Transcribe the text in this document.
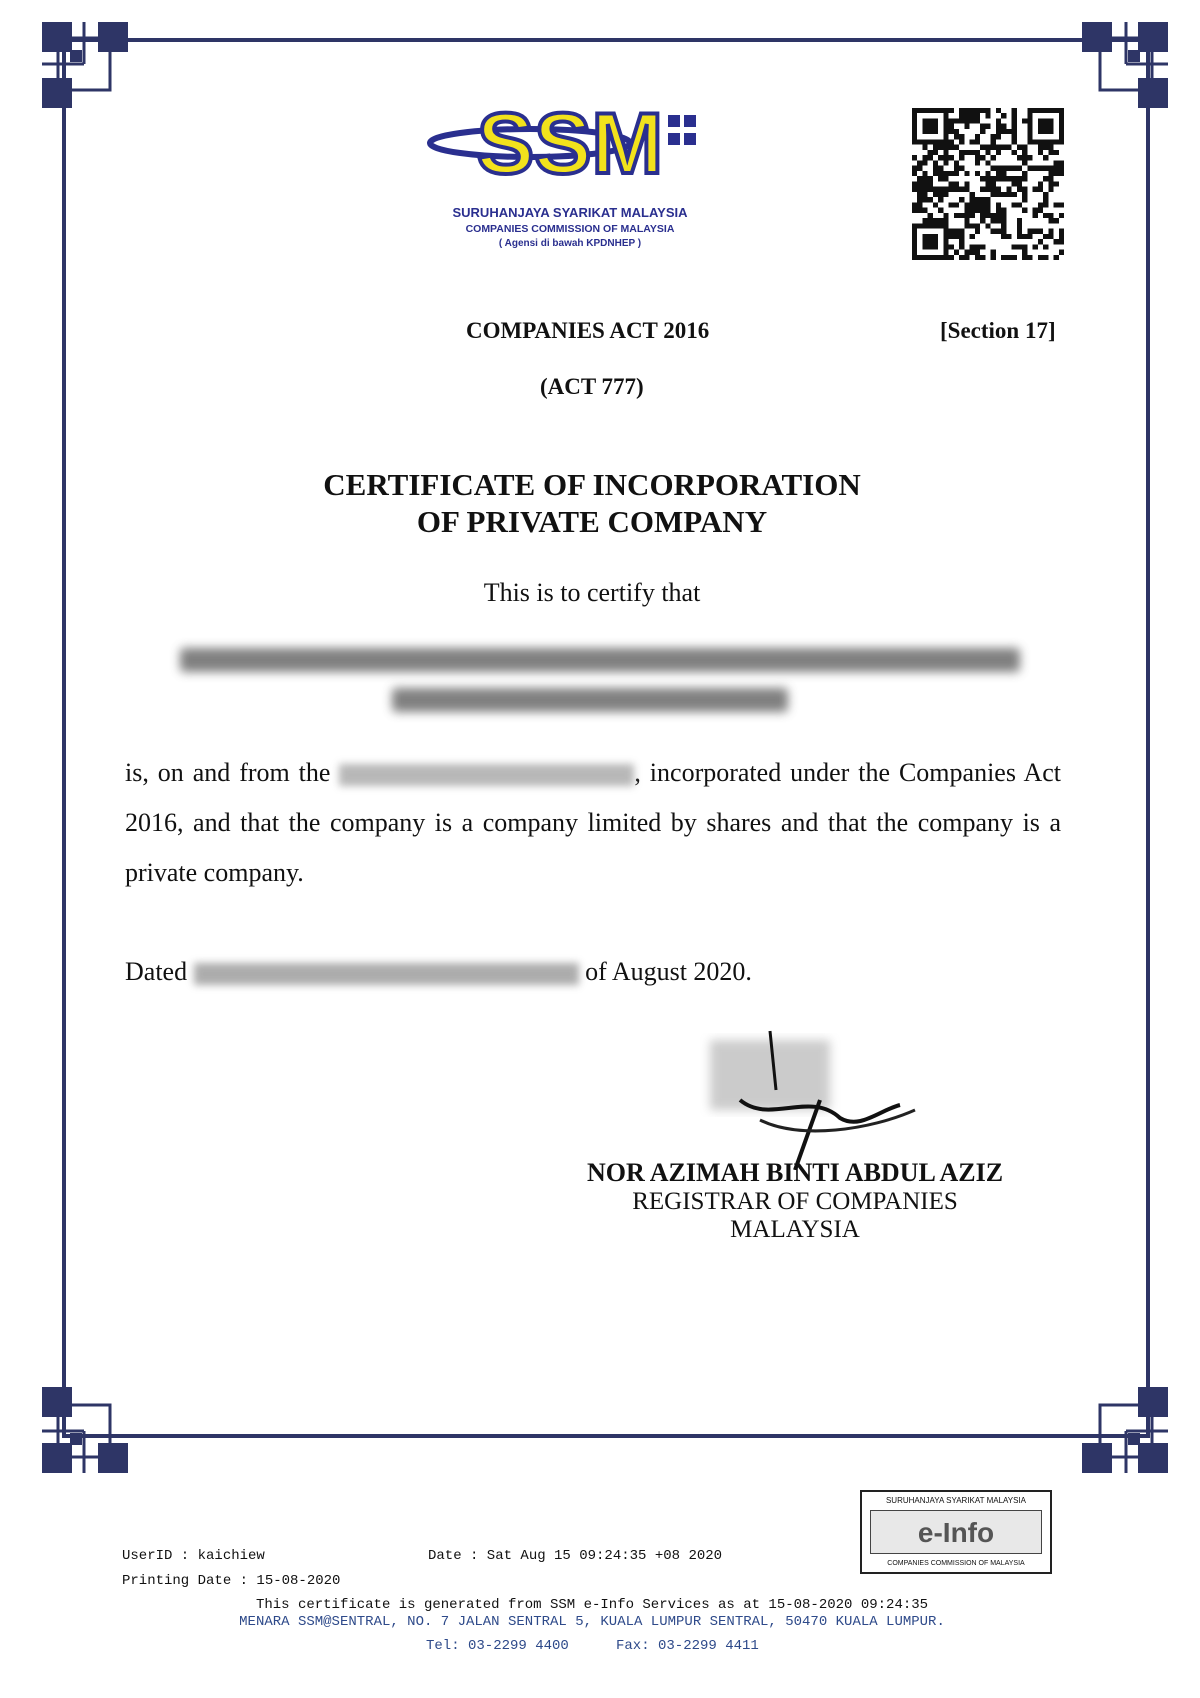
SSM
SURUHANJAYA SYARIKAT MALAYSIA
COMPANIES COMMISSION OF MALAYSIA
( Agensi di bawah KPDNHEP )
COMPANIES ACT 2016	[Section 17]
(ACT 777)
CERTIFICATE OF INCORPORATION
OF PRIVATE COMPANY
This is to certify that
is, on and from the	, incorporated under the Companies Act 2016, and that the company is a company limited by shares and that the company is a private company.
Dated	of August 2020.
NOR AZIMAH BINTI ABDUL AZIZ
REGISTRAR OF COMPANIES
MALAYSIA
SURUHANJAYA SYARIKAT MALAYSIA
e-Info
COMPANIES COMMISSION OF MALAYSIA
UserID : kaichiew	Date : Sat Aug 15 09:24:35 +08 2020
Printing Date : 15-08-2020
This certificate is generated from SSM e-Info Services as at 15-08-2020 09:24:35
MENARA SSM@SENTRAL, NO. 7 JALAN SENTRAL 5, KUALA LUMPUR SENTRAL, 50470 KUALA LUMPUR.
Tel: 03-2299 4400	Fax: 03-2299 4411
